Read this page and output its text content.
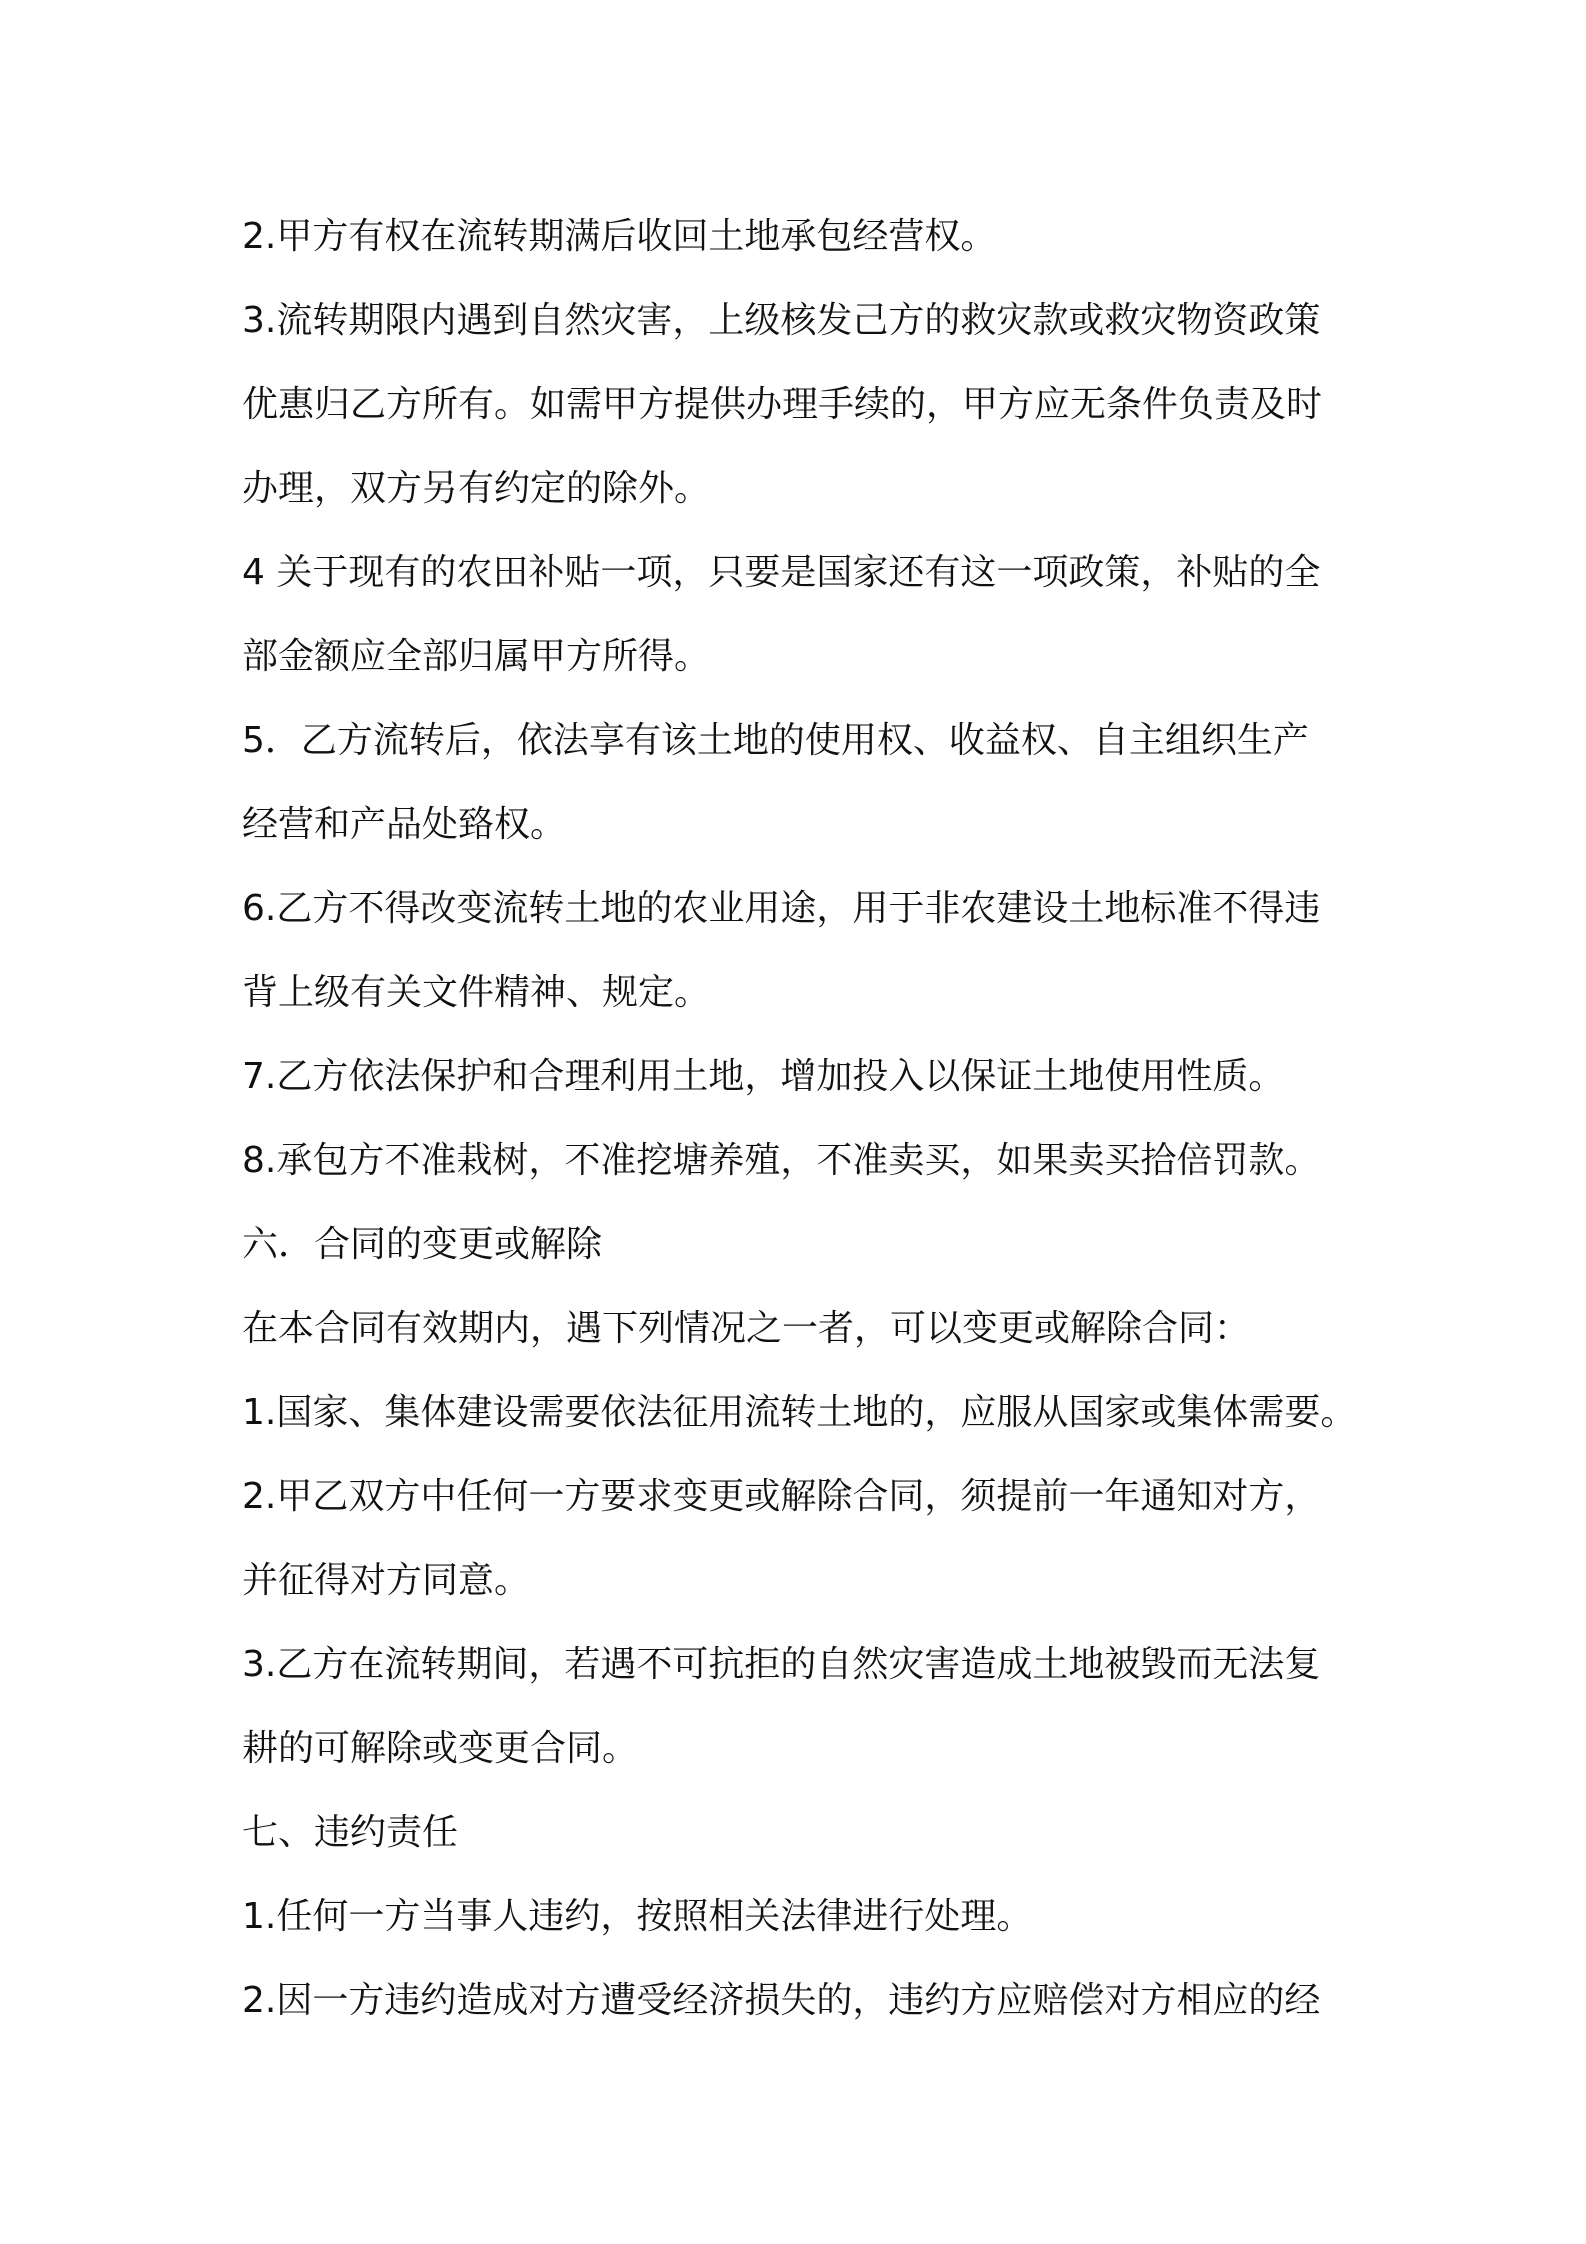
2.甲方有权在流转期满后收回土地承包经营权。
3.流转期限内遇到自然灾害，上级核发己方的救灾款或救灾物资政策
优惠归乙方所有。如需甲方提供办理手续的，甲方应无条件负责及时
办理，双方另有约定的除外。
4 关于现有的农田补贴一项，只要是国家还有这一项政策，补贴的全
部金额应全部归属甲方所得。
5．乙方流转后，依法享有该土地的使用权、收益权、自主组织生产
经营和产品处臵权。
6.乙方不得改变流转土地的农业用途，用于非农建设土地标准不得违
背上级有关文件精神、规定。
7.乙方依法保护和合理利用土地，增加投入以保证土地使用性质。
8.承包方不准栽树，不准挖塘养殖，不准卖买，如果卖买拾倍罚款。
六．合同的变更或解除
在本合同有效期内，遇下列情况之一者，可以变更或解除合同：
1.国家、集体建设需要依法征用流转土地的，应服从国家或集体需要。
2.甲乙双方中任何一方要求变更或解除合同，须提前一年通知对方，
并征得对方同意。
3.乙方在流转期间，若遇不可抗拒的自然灾害造成土地被毁而无法复
耕的可解除或变更合同。
七、违约责任
1.任何一方当事人违约，按照相关法律进行处理。
2.因一方违约造成对方遭受经济损失的，违约方应赔偿对方相应的经
